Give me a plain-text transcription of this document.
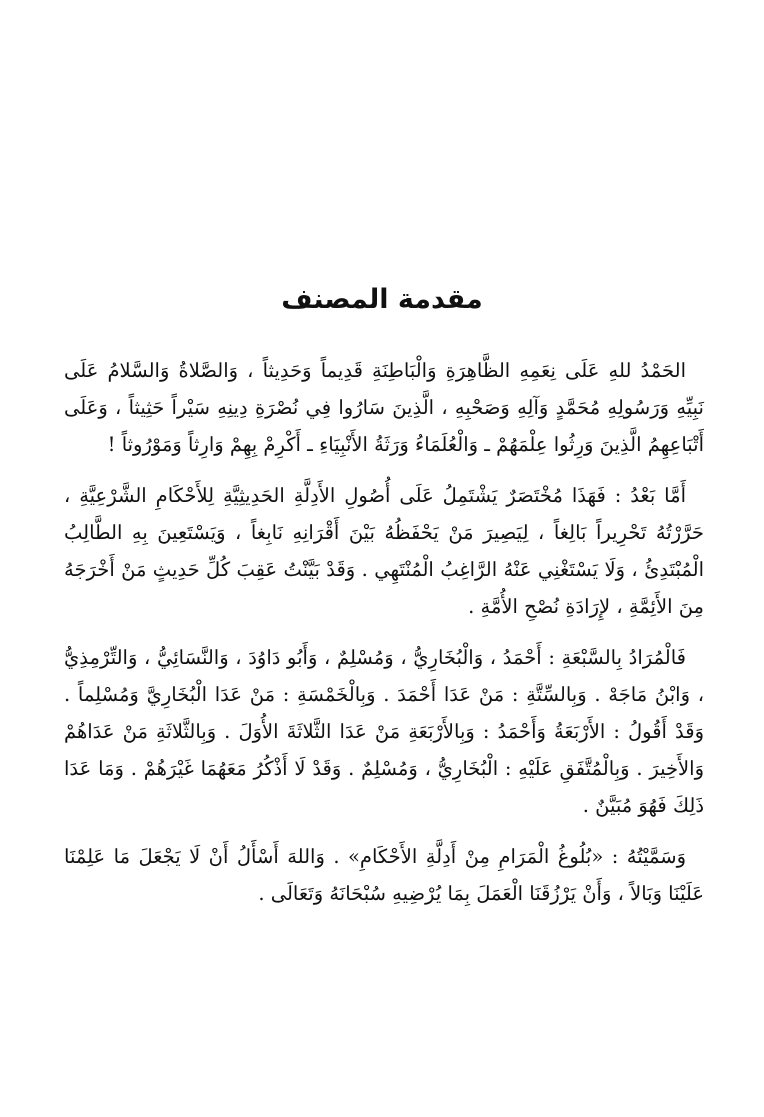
مقدمة المصنف

الحَمْدُ للهِ عَلَى نِعَمِهِ الظَّاهِرَةِ وَالْبَاطِنَةِ قَدِيماً وَحَدِيثاً ، وَالصَّلاةُ وَالسَّلامُ عَلَى نَبِيِّهِ وَرَسُولِهِ مُحَمَّدٍ وَآلِهِ وَصَحْبِهِ ، الَّذِينَ سَارُوا فِي نُصْرَةِ دِينِهِ سَيْراً حَثِيثاً ، وَعَلَى أَتْبَاعِهِمُ الَّذِينَ وَرِثُوا عِلْمَهُمْ ـ وَالْعُلَمَاءُ وَرَثَةُ الأَنْبِيَاءِ ـ أَكْرِمْ بِهِمْ وَارِثاً وَمَوْرُوثاً !

أَمَّا بَعْدُ : فَهَذَا مُخْتَصَرٌ يَشْتَمِلُ عَلَى أُصُولِ الأَدِلَّةِ الحَدِيثِيَّةِ لِلأَحْكَامِ الشَّرْعِيَّةِ ، حَرَّرْتُهُ تَحْرِيراً بَالِغاً ، لِيَصِيرَ مَنْ يَحْفَظُهُ بَيْنَ أَقْرَانِهِ نَابِغاً ، وَيَسْتَعِينَ بِهِ الطَّالِبُ الْمُبْتَدِئُ ، وَلَا يَسْتَغْنِي عَنْهُ الرَّاغِبُ الْمُنْتَهِي . وَقَدْ بَيَّنْتُ عَقِبَ كُلِّ حَدِيثٍ مَنْ أَخْرَجَهُ مِنَ الأَئِمَّةِ ، لإِرَادَةِ نُصْحِ الأُمَّةِ .

فَالْمُرَادُ بِالسَّبْعَةِ : أَحْمَدُ ، وَالْبُخَارِيُّ ، وَمُسْلِمٌ ، وَأَبُو دَاوُدَ ، وَالنَّسَائِيُّ ، وَالتِّرْمِذِيُّ ، وَابْنُ مَاجَهْ . وَبِالسِّتَّةِ : مَنْ عَدَا أَحْمَدَ . وَبِالْخَمْسَةِ : مَنْ عَدَا الْبُخَارِيَّ وَمُسْلِماً . وَقَدْ أَقُولُ : الأَرْبَعَةُ وَأَحْمَدُ : وَبِالأَرْبَعَةِ مَنْ عَدَا الثَّلاثَةَ الأُوَلَ . وَبِالثَّلاثَةِ مَنْ عَدَاهُمْ وَالأَخِيرَ . وَبِالْمُتَّفَقِ عَلَيْهِ : الْبُخَارِيُّ ، وَمُسْلِمٌ . وَقَدْ لَا أَذْكُرُ مَعَهُمَا غَيْرَهُمْ . وَمَا عَدَا ذَلِكَ فَهُوَ مُبَيَّنٌ .

وَسَمَّيْتُهُ : «بُلُوغُ الْمَرَامِ مِنْ أَدِلَّةِ الأَحْكَامِ» . وَاللهَ أَسْأَلُ أَنْ لَا يَجْعَلَ مَا عَلِمْنَا عَلَيْنَا وَبَالاً ، وَأَنْ يَرْزُقَنَا الْعَمَلَ بِمَا يُرْضِيهِ سُبْحَانَهُ وَتَعَالَى .
